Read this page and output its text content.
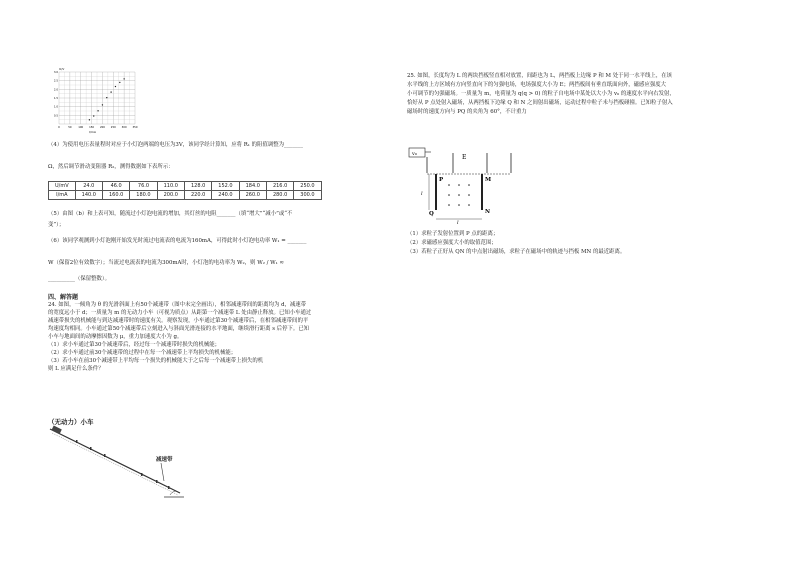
U/V
I/mA
3.0
2.5
2.0
1.5
1.0
0.5
0	50	100 150 200 250 300 350
（4）为使用电压表量程时对应于小灯泡两端的电压为3V，该同学经计算知，应将 R₁ 的阻值调整为_______
Ω，然后调节滑动变阻器 R₂，测得数据如下表所示：
U/mV	24.0	46.0	76.0	110.0	128.0	152.0	184.0	216.0	250.0
I/mA	140.0	160.0	180.0	200.0	220.0	240.0	260.0	280.0	300.0
（5）由图（b）和上表可知，随流过小灯泡电流的增加，其灯丝的电阻_______（填“增大”“减小”或“不
变”）；
（6）该同学观测到小灯泡刚开始发光时流过电流表的电流为160mA，可得此时小灯泡电功率 W₁ = _______
W（保留2位有效数字）；当流过电流表的电流为300mA时，小灯泡的电功率为 W₂，则 W₂ / W₁ ≈
__________（保留整数）。
四、解答题
24. 如图，一倾角为 θ 的光滑斜面上有50个减速带（图中未完全画出），相邻减速带间的距离均为 d，减速带
的宽度远小于 d；一质量为 m 的无动力小车（可视为质点）从距第一个减速带 L 处由静止释放。已知小车通过
减速带损失的机械能与到达减速带时的速度有关。观察发现，小车通过第30个减速带后，在相邻减速带间的平
均速度均相同。小车通过第50个减速带后立刻进入与斜面光滑连接的水平地面，继续滑行距离 s 后停下。已知
小车与地面间的动摩擦因数为 μ，重力加速度大小为 g。
（1）求小车通过第30个减速带后，经过每一个减速带时损失的机械能；
（2）求小车通过前30个减速带的过程中在每一个减速带上平均损失的机械能；
（3）若小车在前30个减速带上平均每一个损失的机械能大于之后每一个减速带上损失的机
则 L 应满足什么条件？
（无动力）小车
减速带
25. 如图，长度均为 L 的两块挡板竖直相对放置，间距也为 L，两挡板上边缘 P 和 M 处于同一水平线上，在该
水平线的上方区域有方向竖直向下的匀强电场，电场强度大小为 E；两挡板间有垂直纸面向外，磁感应强度大
小可调节的匀强磁场。一质量为 m，电荷量为 q(q > 0) 的粒子自电场中某处以大小为 v₀ 的速度水平向右发射，
恰好从 P 点处射入磁场，从两挡板下边缘 Q 和 N 之间射出磁场，运动过程中粒子未与挡板碰撞。已知粒子射入
磁场时的速度方向与 PQ 的夹角为 60°，不计重力
v₀	E
P	M
l
Q	N
l
（1）求粒子发射位置到 P 点的距离；
（2）求磁感应强度大小的取值范围；
（3）若粒子正好从 QN 的中点射出磁场，求粒子在磁场中的轨迹与挡板 MN 的最近距离。
